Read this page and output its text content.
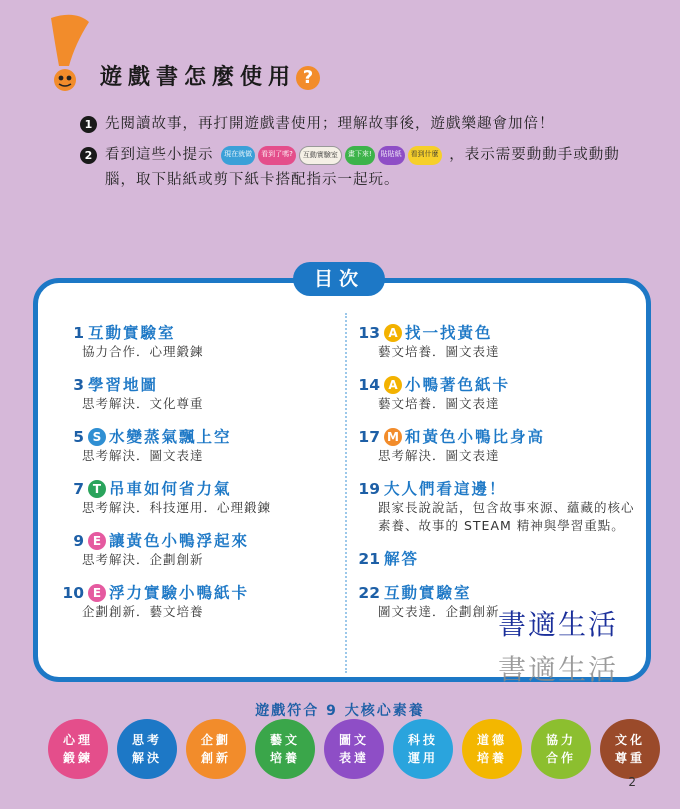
遊戲書怎麼使用 ?
1 先閱讀故事，再打開遊戲書使用；理解故事後，遊戲樂趣會加倍！
2 看到這些小提示	現在就做	看到了嗎?	互動實驗室	畫下來!	貼貼紙	看到什麼 ，表示需要動動手或動動腦，取下貼紙或剪下紙卡搭配指示一起玩。
目次
1 互動實驗室
協力合作．心理鍛鍊
3 學習地圖
思考解決．文化尊重
5 S 水變蒸氣飄上空
思考解決．圖文表達
7 T 吊車如何省力氣
思考解決．科技運用．心理鍛鍊
9 E 讓黃色小鴨浮起來
思考解決．企劃創新
10 E 浮力實驗小鴨紙卡
企劃創新．藝文培養
13 A 找一找黃色
藝文培養．圖文表達
14 A 小鴨著色紙卡
藝文培養．圖文表達
17 M 和黃色小鴨比身高
思考解決．圖文表達
19 大人們看這邊！
跟家長說說話，包含故事來源、蘊藏的核心素養、故事的 STEAM 精神與學習重點。
21 解答
22 互動實驗室
圖文表達．企劃創新
書適生活
書適生活
遊戲符合 9 大核心素養
心理鍛鍊
思考解決
企劃創新
藝文培養
圖文表達
科技運用
道德培養
協力合作
文化尊重
2
